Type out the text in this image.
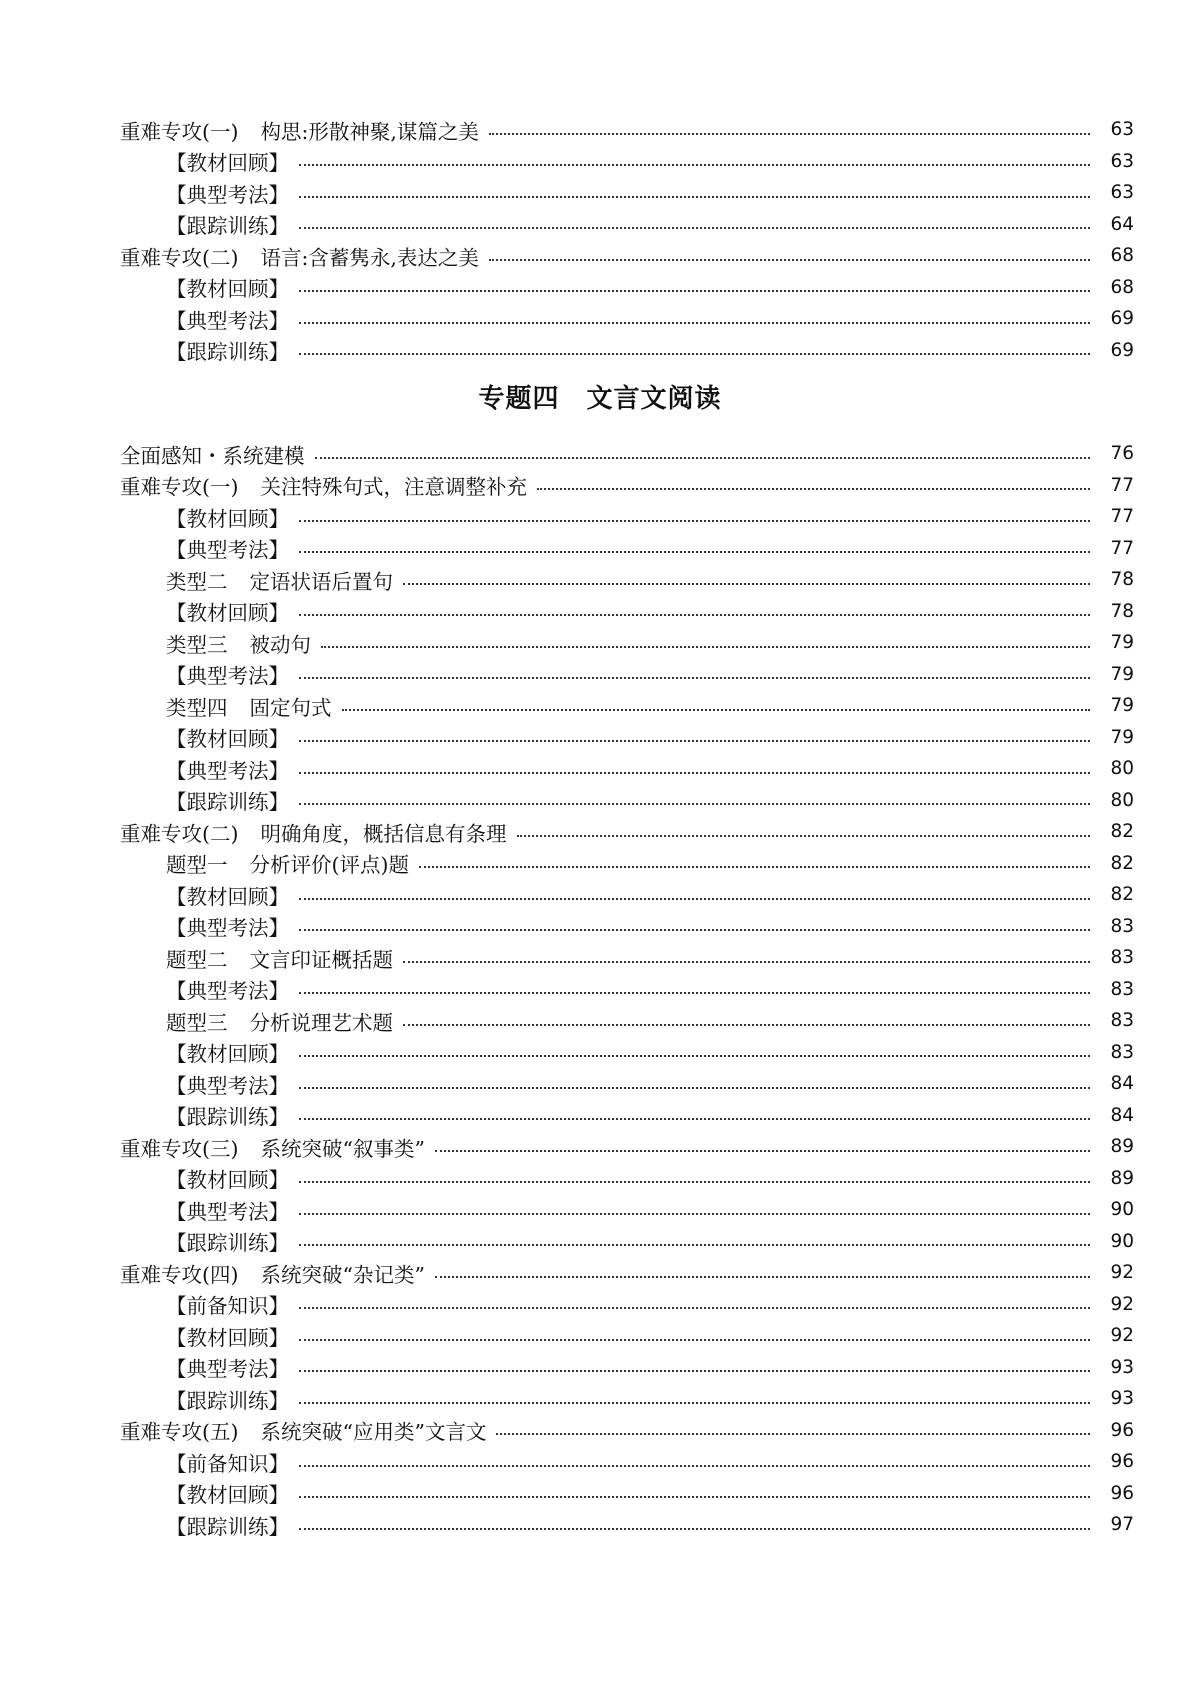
重难专攻(一) 构思:形散神聚,谋篇之美	63
【教材回顾】	63
【典型考法】	63
【跟踪训练】	64
重难专攻(二) 语言:含蓄隽永,表达之美	68
【教材回顾】	68
【典型考法】	69
【跟踪训练】	69
专题四　文言文阅读
全面感知・系统建模	76
重难专攻(一) 关注特殊句式，注意调整补充	77
【教材回顾】	77
【典型考法】	77
类型二 定语状语后置句	78
【教材回顾】	78
类型三 被动句	79
【典型考法】	79
类型四 固定句式	79
【教材回顾】	79
【典型考法】	80
【跟踪训练】	80
重难专攻(二) 明确角度，概括信息有条理	82
题型一 分析评价(评点)题	82
【教材回顾】	82
【典型考法】	83
题型二 文言印证概括题	83
【典型考法】	83
题型三 分析说理艺术题	83
【教材回顾】	83
【典型考法】	84
【跟踪训练】	84
重难专攻(三) 系统突破“叙事类”	89
【教材回顾】	89
【典型考法】	90
【跟踪训练】	90
重难专攻(四) 系统突破“杂记类”	92
【前备知识】	92
【教材回顾】	92
【典型考法】	93
【跟踪训练】	93
重难专攻(五) 系统突破“应用类”文言文	96
【前备知识】	96
【教材回顾】	96
【跟踪训练】	97
